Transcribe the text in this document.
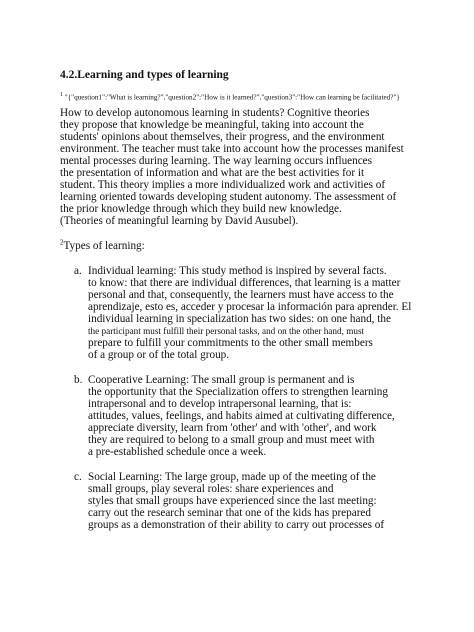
4.2.Learning and types of learning
$^1$ "{"question1":"What is learning?","question2":"How is it learned?","question3":"How can learning be facilitated?"}
How to develop autonomous learning in students? Cognitive theories
they propose that knowledge be meaningful, taking into account the
students' opinions about themselves, their progress, and the environment
environment. The teacher must take into account how the processes manifest
mental processes during learning. The way learning occurs influences
the presentation of information and what are the best activities for it
student. This theory implies a more individualized work and activities of
learning oriented towards developing student autonomy. The assessment of
the prior knowledge through which they build new knowledge.
(Theories of meaningful learning by David Ausubel).
$^2$Types of learning:
a. Individual learning: This study method is inspired by several facts.
to know: that there are individual differences, that learning is a matter
personal and that, consequently, the learners must have access to the
aprendizaje, esto es, acceder y procesar la información para aprender. El
individual learning in specialization has two sides: on one hand, the
the participant must fulfill their personal tasks, and on the other hand, must
prepare to fulfill your commitments to the other small members
of a group or of the total group.
b. Cooperative Learning: The small group is permanent and is
the opportunity that the Specialization offers to strengthen learning
intrapersonal and to develop intrapersonal learning, that is:
attitudes, values, feelings, and habits aimed at cultivating difference,
appreciate diversity, learn from 'other' and with 'other', and work
they are required to belong to a small group and must meet with
a pre-established schedule once a week.
c. Social Learning: The large group, made up of the meeting of the
small groups, play several roles: share experiences and
styles that small groups have experienced since the last meeting:
carry out the research seminar that one of the kids has prepared
groups as a demonstration of their ability to carry out processes of
